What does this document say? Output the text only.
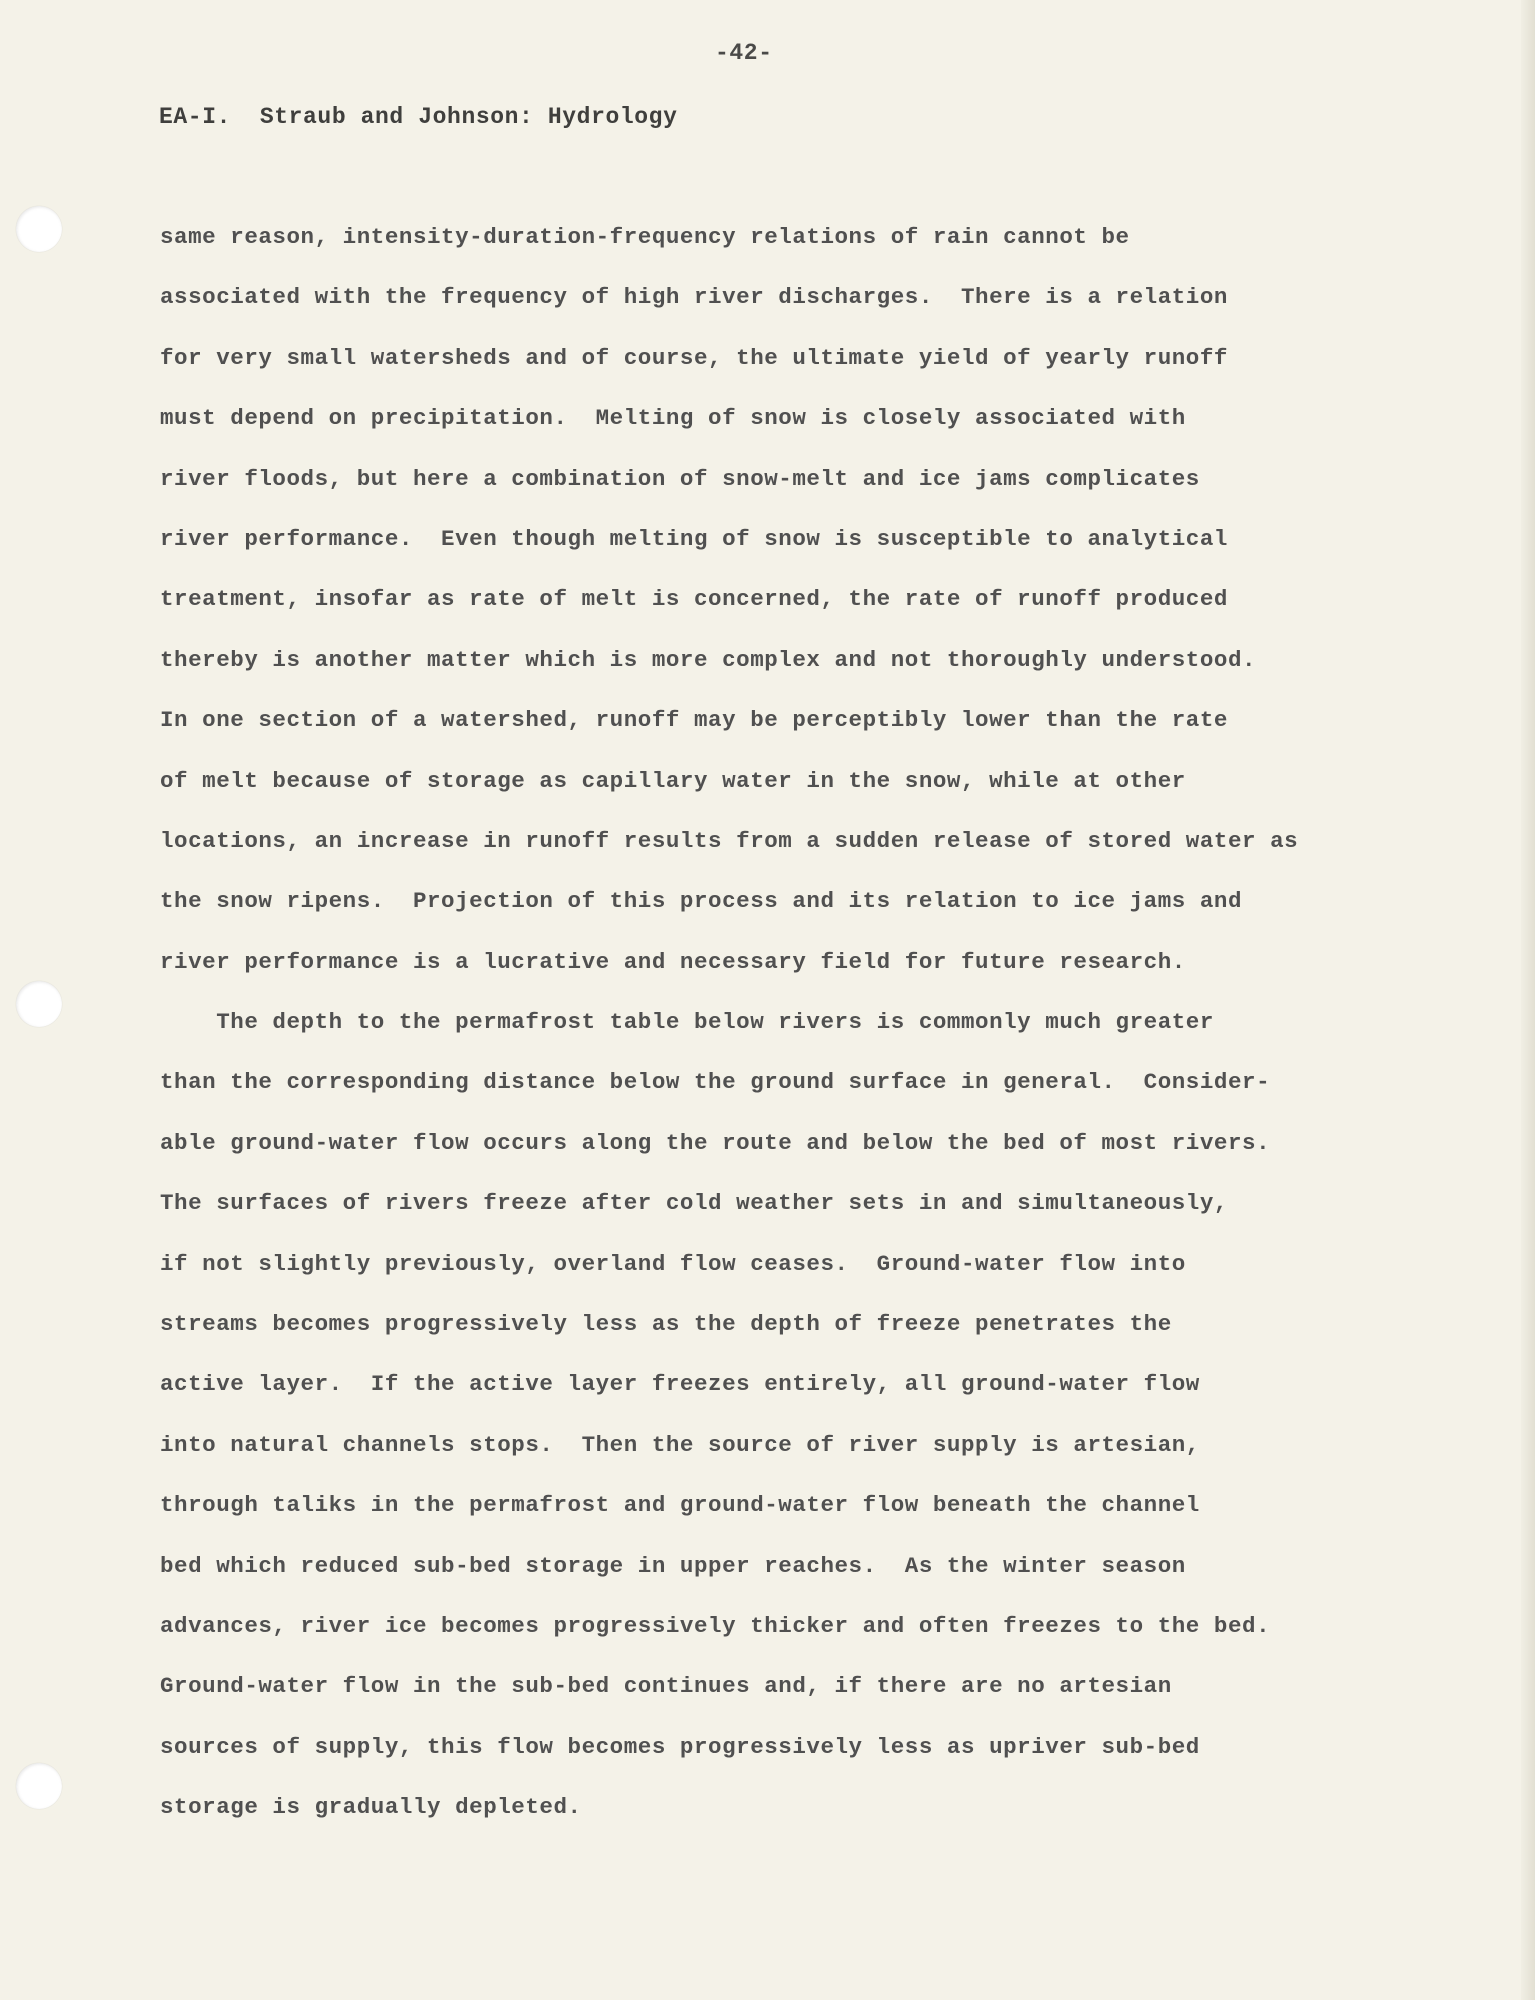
-42-
EA-I.  Straub and Johnson: Hydrology
same reason, intensity-duration-frequency relations of rain cannot be
associated with the frequency of high river discharges.  There is a relation
for very small watersheds and of course, the ultimate yield of yearly runoff
must depend on precipitation.  Melting of snow is closely associated with
river floods, but here a combination of snow-melt and ice jams complicates
river performance.  Even though melting of snow is susceptible to analytical
treatment, insofar as rate of melt is concerned, the rate of runoff produced
thereby is another matter which is more complex and not thoroughly understood.
In one section of a watershed, runoff may be perceptibly lower than the rate
of melt because of storage as capillary water in the snow, while at other
locations, an increase in runoff results from a sudden release of stored water as
the snow ripens.  Projection of this process and its relation to ice jams and
river performance is a lucrative and necessary field for future research.
The depth to the permafrost table below rivers is commonly much greater
than the corresponding distance below the ground surface in general.  Consider-
able ground-water flow occurs along the route and below the bed of most rivers.
The surfaces of rivers freeze after cold weather sets in and simultaneously,
if not slightly previously, overland flow ceases.  Ground-water flow into
streams becomes progressively less as the depth of freeze penetrates the
active layer.  If the active layer freezes entirely, all ground-water flow
into natural channels stops.  Then the source of river supply is artesian,
through taliks in the permafrost and ground-water flow beneath the channel
bed which reduced sub-bed storage in upper reaches.  As the winter season
advances, river ice becomes progressively thicker and often freezes to the bed.
Ground-water flow in the sub-bed continues and, if there are no artesian
sources of supply, this flow becomes progressively less as upriver sub-bed
storage is gradually depleted.
